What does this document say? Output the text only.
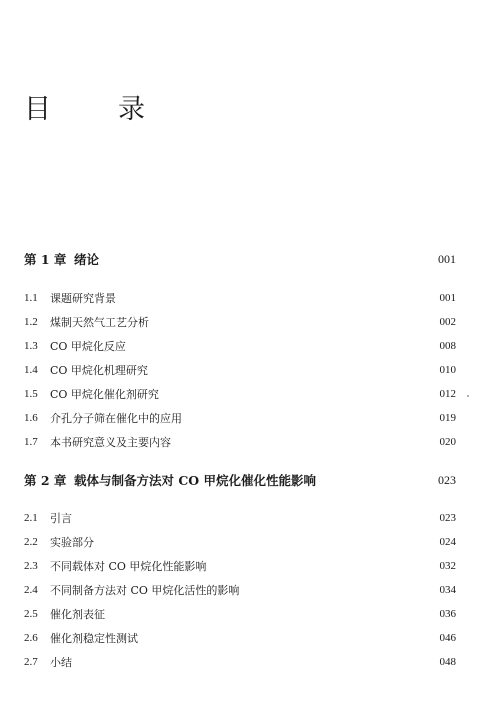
目　录
第 1 章 绪论	001
1.1	课题研究背景	001
1.2	煤制天然气工艺分析	002
1.3	CO 甲烷化反应	008
1.4	CO 甲烷化机理研究	010
1.5	CO 甲烷化催化剂研究	012
1.6	介孔分子筛在催化中的应用	019
1.7	本书研究意义及主要内容	020
第 2 章 载体与制备方法对 CO 甲烷化催化性能影响	023
2.1	引言	023
2.2	实验部分	024
2.3	不同载体对 CO 甲烷化性能影响	032
2.4	不同制备方法对 CO 甲烷化活性的影响	034
2.5	催化剂表征	036
2.6	催化剂稳定性测试	046
2.7	小结	048
